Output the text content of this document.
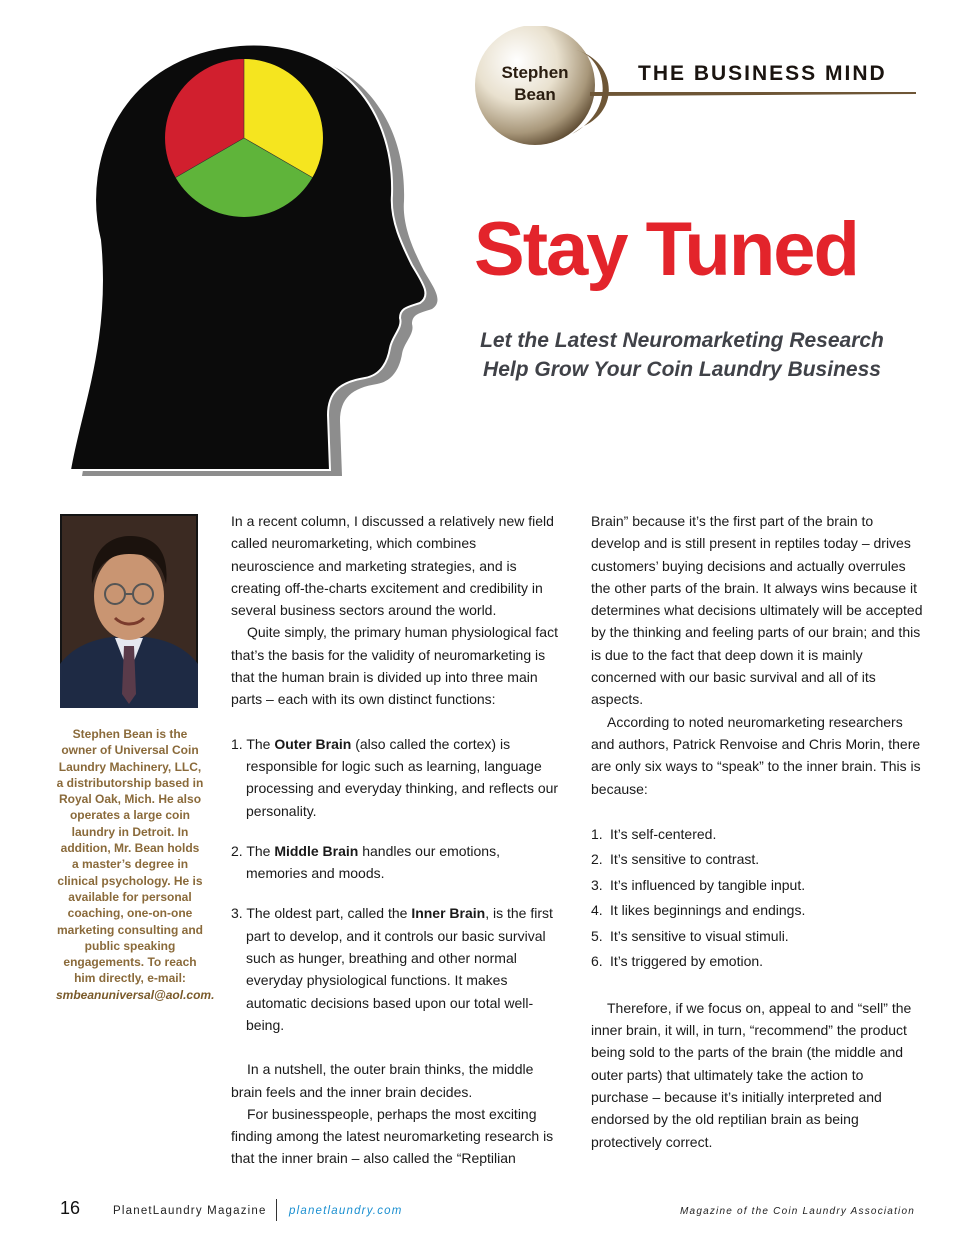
Stephen
Bean
THE BUSINESS MIND
Stay Tuned
Let the Latest Neuromarketing Research
Help Grow Your Coin Laundry Business
Stephen Bean is the owner of Universal Coin Laundry Machinery, LLC, a distributorship based in Royal Oak, Mich. He also operates a large coin laundry in Detroit. In addition, Mr. Bean holds a master’s degree in clinical psychology. He is available for personal coaching, one-on-one marketing consulting and public speaking engagements. To reach him directly, e-mail: smbeanuniversal@aol.com.

In a recent column, I discussed a relatively new field called neuromarketing, which combines neuroscience and marketing strategies, and is creating off-the-charts excitement and credibility in several business sectors around the world.

Quite simply, the primary human physiological fact that’s the basis for the validity of neuromarketing is that the human brain is divided up into three main parts – each with its own distinct functions:

1. The Outer Brain (also called the cortex) is responsible for logic such as learning, language processing and everyday thinking, and reflects our personality.

2. The Middle Brain handles our emotions, memories and moods.

3. The oldest part, called the Inner Brain, is the first part to develop, and it controls our basic survival such as hunger, breathing and other normal everyday physiological functions. It makes automatic decisions based upon our total well-being.

In a nutshell, the outer brain thinks, the middle brain feels and the inner brain decides.

For businesspeople, perhaps the most exciting finding among the latest neuromarketing research is that the inner brain – also called the “Reptilian

Brain” because it’s the first part of the brain to develop and is still present in reptiles today – drives customers’ buying decisions and actually overrules the other parts of the brain. It always wins because it determines what decisions ultimately will be accepted by the thinking and feeling parts of our brain; and this is due to the fact that deep down it is mainly concerned with our basic survival and all of its aspects.

According to noted neuromarketing researchers and authors, Patrick Renvoise and Chris Morin, there are only six ways to “speak” to the inner brain. This is because:

1. It’s self-centered.
2. It’s sensitive to contrast.
3. It’s influenced by tangible input.
4. It likes beginnings and endings.
5. It’s sensitive to visual stimuli.
6. It’s triggered by emotion.

Therefore, if we focus on, appeal to and “sell” the inner brain, it will, in turn, “recommend” the product being sold to the parts of the brain (the middle and outer parts) that ultimately take the action to purchase – because it’s initially interpreted and endorsed by the old reptilian brain as being protectively correct.

16	PlanetLaundry Magazine planetlaundry.com	Magazine of the Coin Laundry Association
